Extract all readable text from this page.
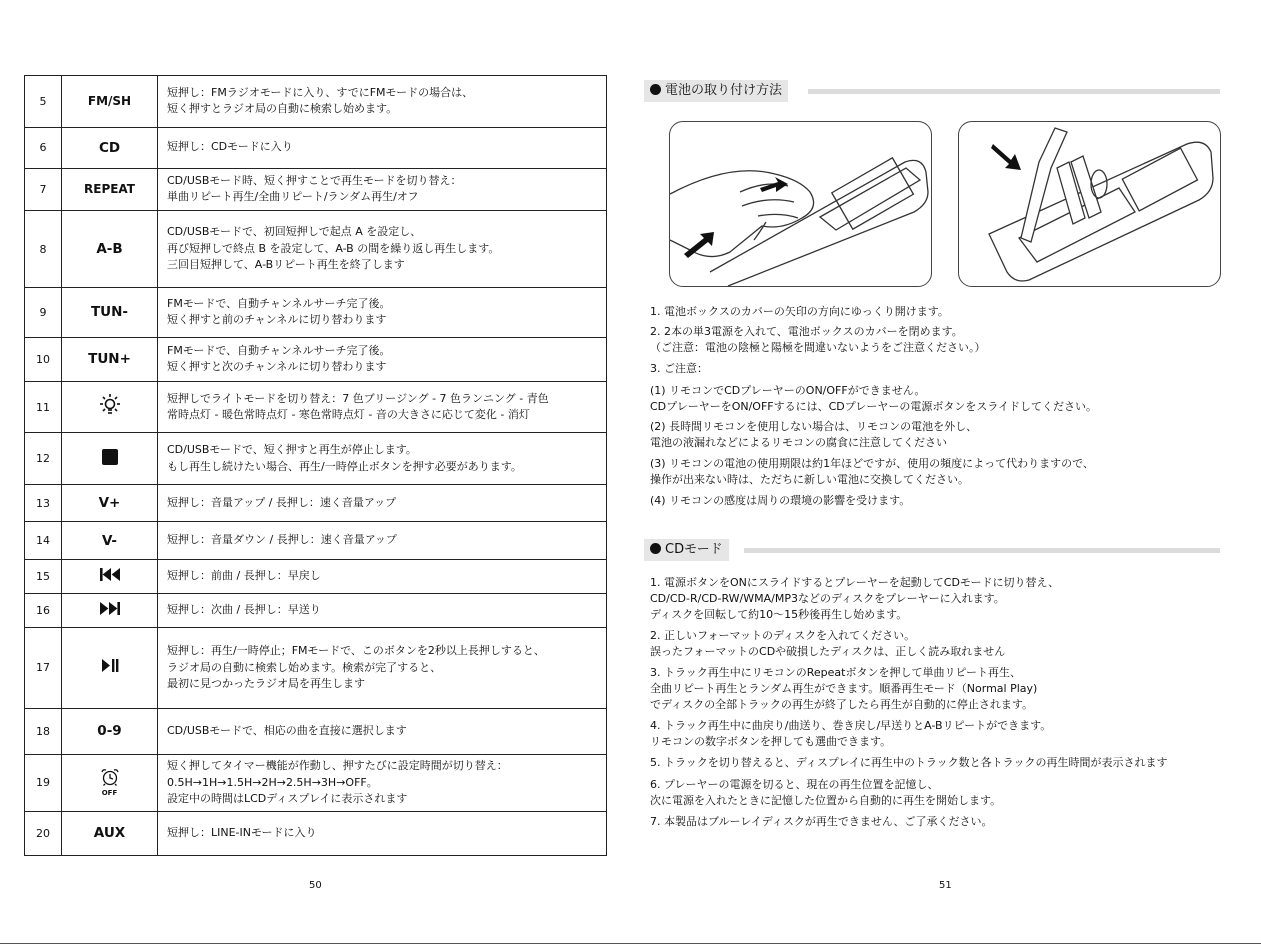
5	FM/SH	短押し：FMラジオモードに入り、すでにFMモードの場合は、
短く押すとラジオ局の自動に検索し始めます。

6	CD	短押し：CDモードに入り

7	REPEAT	CD/USBモード時、短く押すことで再生モードを切り替え：
単曲リピート再生/全曲リピート/ランダム再生/オフ

8	A-B	CD/USBモードで、初回短押しで起点 A を設定し、
再び短押しで終点 B を設定して、A-B の間を繰り返し再生します。
三回目短押して、A-Bリピート再生を終了します

9	TUN-	FMモードで、自動チャンネルサーチ完了後。
短く押すと前のチャンネルに切り替わります

10	TUN+	FMモードで、自動チャンネルサーチ完了後。
短く押すと次のチャンネルに切り替わります

11		短押しでライトモードを切り替え：7 色ブリージング - 7 色ランニング - 青色
常時点灯 - 暖色常時点灯 - 寒色常時点灯 - 音の大きさに応じて変化 - 消灯

12		CD/USBモードで、短く押すと再生が停止します。
もし再生し続けたい場合、再生/一時停止ボタンを押す必要があります。

13	V+	短押し：音量アップ / 長押し：速く音量アップ

14	V-	短押し：音量ダウン / 長押し：速く音量アップ

15		短押し：前曲 / 長押し：早戻し

16		短押し：次曲 / 長押し：早送り

17		短押し：再生/一時停止；FMモードで、このボタンを2秒以上長押しすると、
ラジオ局の自動に検索し始めます。検索が完了すると、
最初に見つかったラジオ局を再生します

18	0-9	CD/USBモードで、相応の曲を直接に選択します

19	OFF	短く押してタイマー機能が作動し、押すたびに設定時間が切り替え：
0.5H→1H→1.5H→2H→2.5H→3H→OFF。
設定中の時間はLCDディスプレイに表示されます

20	AUX	短押し：LINE-INモードに入り
50
電池の取り付け方法
1. 電池ボックスのカバーの矢印の方向にゆっくり開けます。
2. 2本の単3電源を入れて、電池ボックスのカバーを閉めます。
（ご注意：電池の陰極と陽極を間違いないようをご注意ください。）
3. ご注意：
(1) リモコンでCDプレーヤーのON/OFFができません。
CDプレーヤーをON/OFFするには、CDプレーヤーの電源ボタンをスライドしてください。
(2) 長時間リモコンを使用しない場合は、リモコンの電池を外し、
電池の液漏れなどによるリモコンの腐食に注意してください
(3) リモコンの電池の使用期限は約1年ほどですが、使用の頻度によって代わりますので、
操作が出来ない時は、ただちに新しい電池に交換してください。
(4) リモコンの感度は周りの環境の影響を受けます。
CDモード
1. 電源ボタンをONにスライドするとプレーヤーを起動してCDモードに切り替え、
CD/CD-R/CD-RW/WMA/MP3などのディスクをプレーヤーに入れます。
ディスクを回転して約10～15秒後再生し始めます。
2. 正しいフォーマットのディスクを入れてください。
誤ったフォーマットのCDや破損したディスクは、正しく読み取れません
3. トラック再生中にリモコンのRepeatボタンを押して単曲リピート再生、
全曲リピート再生とランダム再生ができます。順番再生モード（Normal Play)
でディスクの全部トラックの再生が終了したら再生が自動的に停止されます。
4. トラック再生中に曲戻り/曲送り、巻き戻し/早送りとA-Bリピートができます。
リモコンの数字ボタンを押しても選曲できます。
5. トラックを切り替えると、ディスプレイに再生中のトラック数と各トラックの再生時間が表示されます
6. プレーヤーの電源を切ると、現在の再生位置を記憶し、
次に電源を入れたときに記憶した位置から自動的に再生を開始します。
7. 本製品はブルーレイディスクが再生できません、ご了承ください。
51
